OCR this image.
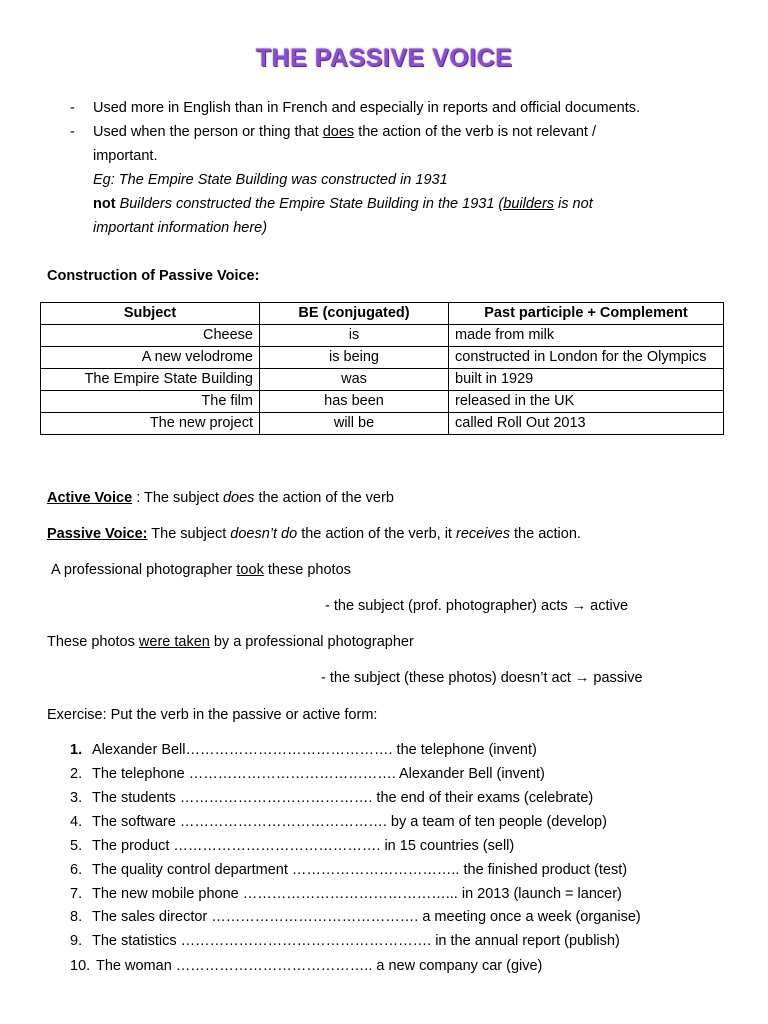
THE PASSIVE VOICE
- Used more in English than in French and especially in reports and official documents.
- Used when the person or thing that does the action of the verb is not relevant /
important.
Eg: The Empire State Building was constructed in 1931
not Builders constructed the Empire State Building in the 1931 (builders is not
important information here)
Construction of Passive Voice:
Subject	BE (conjugated)	Past participle + Complement
Cheese	is	made from milk
A new velodrome	is being	constructed in London for the Olympics
The Empire State Building	was	built in 1929
The film	has been	released in the UK
The new project	will be	called Roll Out 2013
Active Voice : The subject does the action of the verb
Passive Voice: The subject doesn’t do the action of the verb, it receives the action.
A professional photographer took these photos
- the subject (prof. photographer) acts → active
These photos were taken by a professional photographer
- the subject (these photos) doesn’t act → passive
Exercise: Put the verb in the passive or active form:
1. Alexander Bell……………………………………. the telephone (invent)
2. The telephone ……………………………………. Alexander Bell (invent)
3. The students …………………………………. the end of their exams (celebrate)
4. The software ……………………………………. by a team of ten people (develop)
5. The product ……………………………………. in 15 countries (sell)
6. The quality control department …………………………….. the finished product (test)
7. The new mobile phone ……………………………………... in 2013 (launch = lancer)
8. The sales director ……………………………………. a meeting once a week (organise)
9. The statistics ……………………………………………. in the annual report (publish)
10. The woman ………………………………….. a new company car (give)
